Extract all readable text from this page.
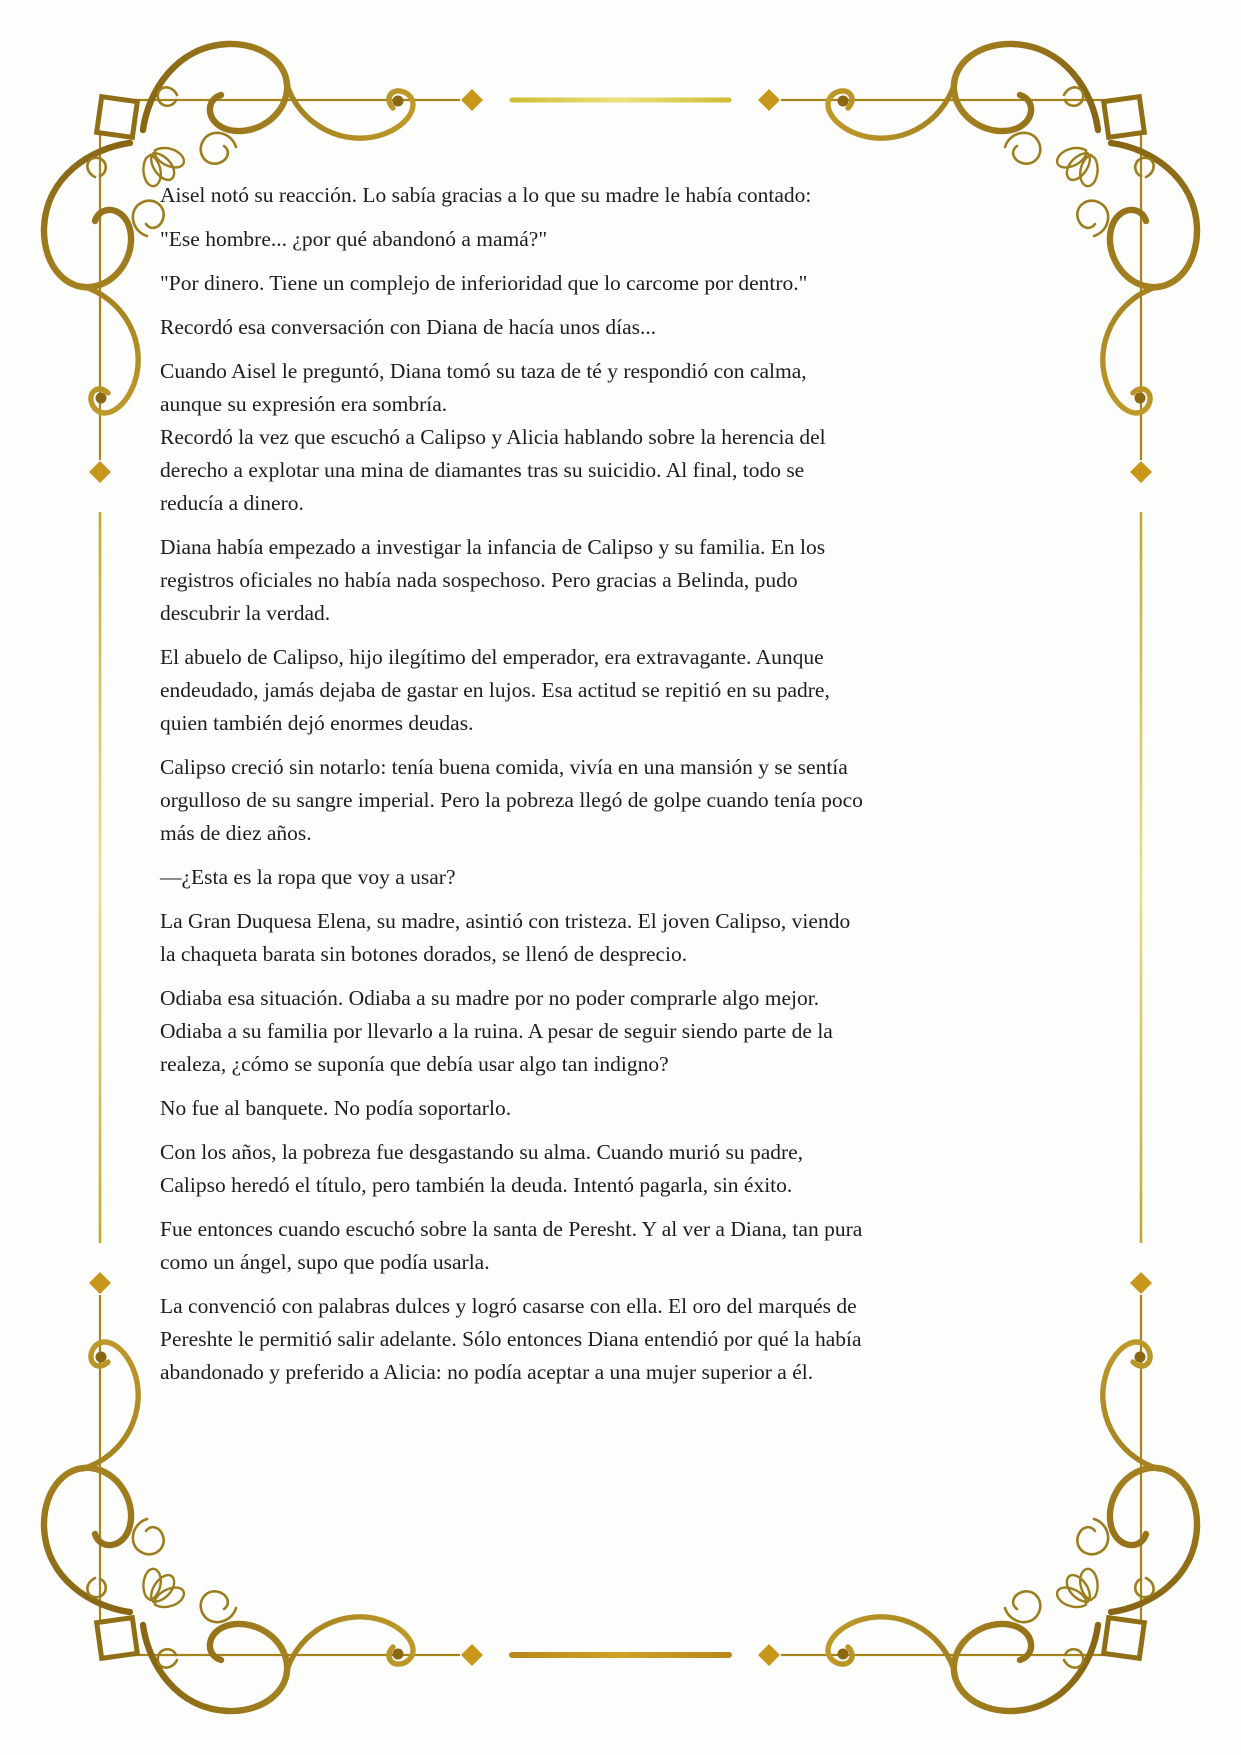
Aisel notó su reacción. Lo sabía gracias a lo que su madre le había contado:

"Ese hombre... ¿por qué abandonó a mamá?"

"Por dinero. Tiene un complejo de inferioridad que lo carcome por dentro."

Recordó esa conversación con Diana de hacía unos días...

Cuando Aisel le preguntó, Diana tomó su taza de té y respondió con calma,
aunque su expresión era sombría.
Recordó la vez que escuchó a Calipso y Alicia hablando sobre la herencia del
derecho a explotar una mina de diamantes tras su suicidio. Al final, todo se
reducía a dinero.

Diana había empezado a investigar la infancia de Calipso y su familia. En los
registros oficiales no había nada sospechoso. Pero gracias a Belinda, pudo
descubrir la verdad.

El abuelo de Calipso, hijo ilegítimo del emperador, era extravagante. Aunque
endeudado, jamás dejaba de gastar en lujos. Esa actitud se repitió en su padre,
quien también dejó enormes deudas.

Calipso creció sin notarlo: tenía buena comida, vivía en una mansión y se sentía
orgulloso de su sangre imperial. Pero la pobreza llegó de golpe cuando tenía poco
más de diez años.

—¿Esta es la ropa que voy a usar?

La Gran Duquesa Elena, su madre, asintió con tristeza. El joven Calipso, viendo
la chaqueta barata sin botones dorados, se llenó de desprecio.

Odiaba esa situación. Odiaba a su madre por no poder comprarle algo mejor.
Odiaba a su familia por llevarlo a la ruina. A pesar de seguir siendo parte de la
realeza, ¿cómo se suponía que debía usar algo tan indigno?

No fue al banquete. No podía soportarlo.

Con los años, la pobreza fue desgastando su alma. Cuando murió su padre,
Calipso heredó el título, pero también la deuda. Intentó pagarla, sin éxito.

Fue entonces cuando escuchó sobre la santa de Peresht. Y al ver a Diana, tan pura
como un ángel, supo que podía usarla.

La convenció con palabras dulces y logró casarse con ella. El oro del marqués de
Pereshte le permitió salir adelante. Sólo entonces Diana entendió por qué la había
abandonado y preferido a Alicia: no podía aceptar a una mujer superior a él.
